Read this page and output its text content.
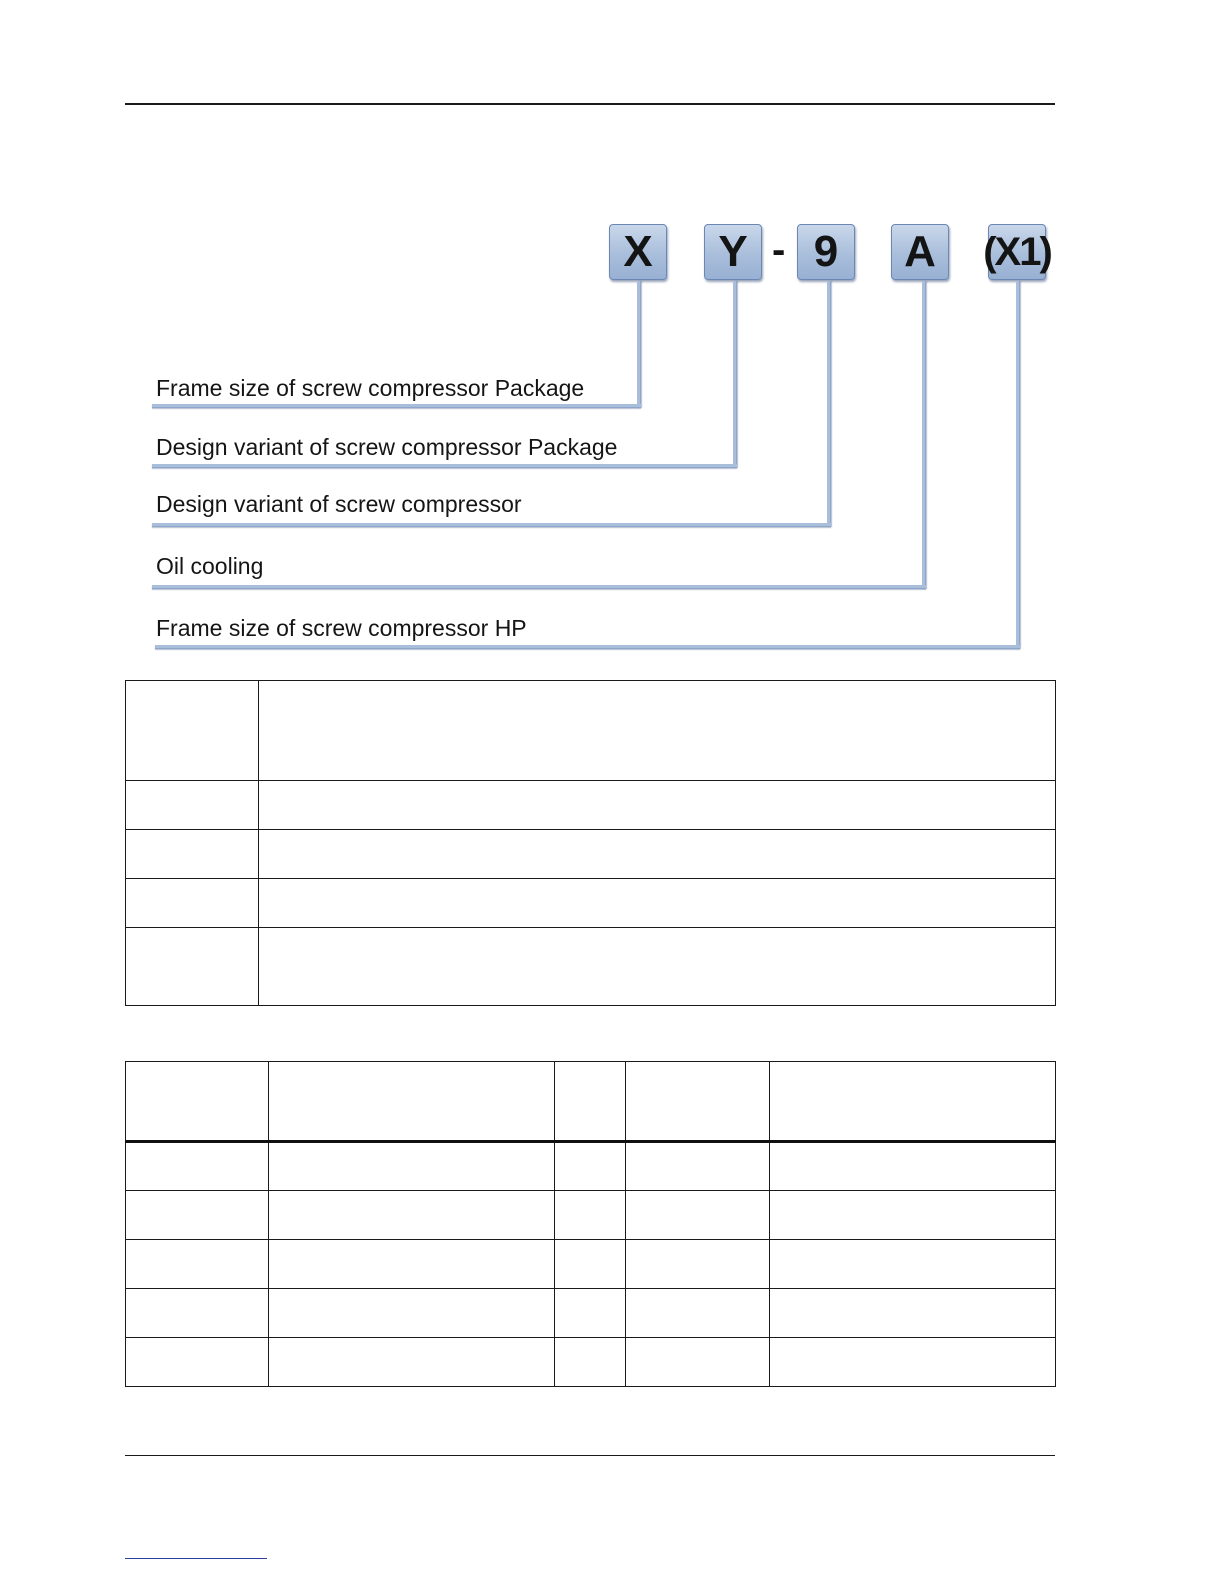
X	Y - 9	A	(X1)
Frame size of screw compressor Package
Design variant of screw compressor Package
Design variant of screw compressor
Oil cooling
Frame size of screw compressor HP
